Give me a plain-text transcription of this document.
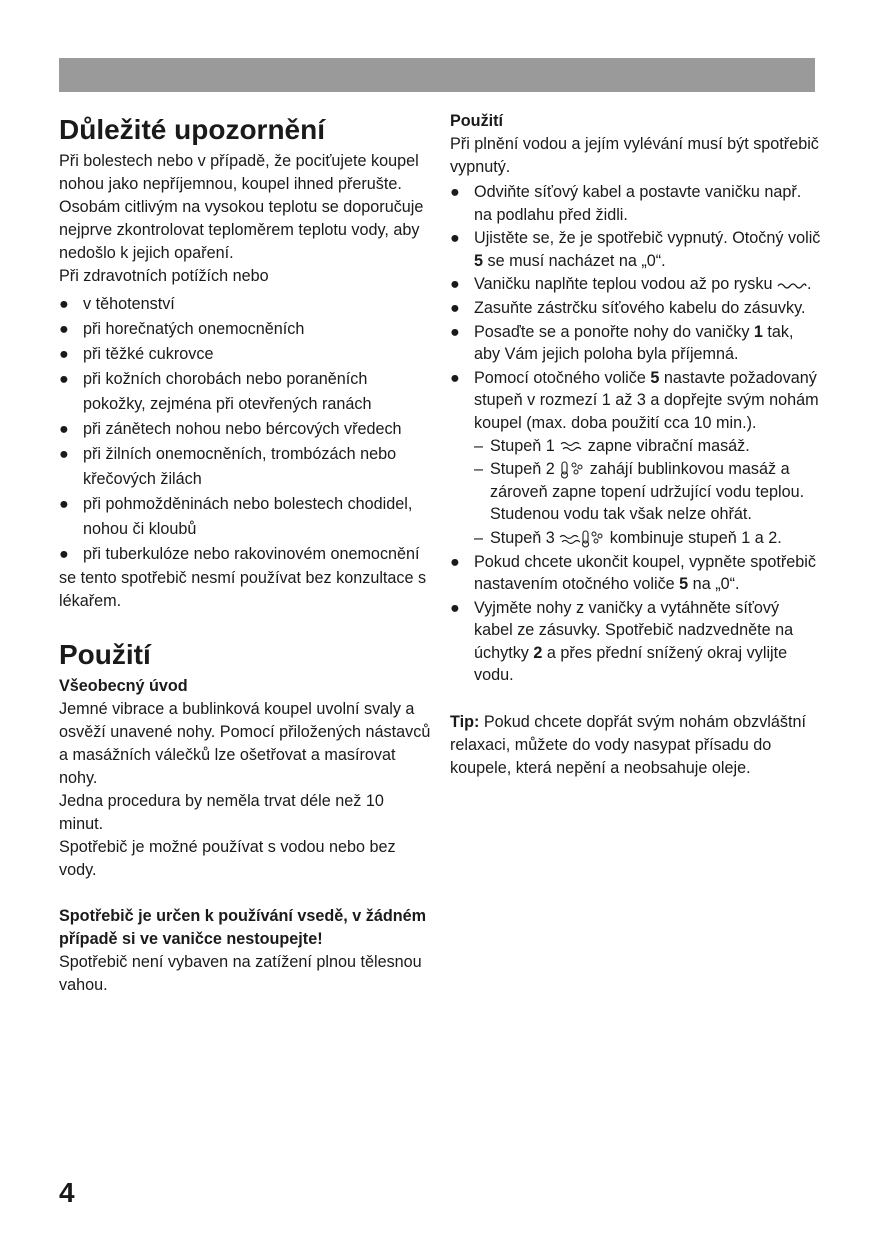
Důležité upozornění

Při bolestech nebo v případě, že pociťujete koupel nohou jako nepříjemnou, koupel ihned přerušte.

Osobám citlivým na vysokou teplotu se doporučuje nejprve zkontrolovat teploměrem teplotu vody, aby nedošlo k jejich opaření.

Při zdravotních potížích nebo

● v těhotenství
● při horečnatých onemocněních
● při těžké cukrovce
● při kožních chorobách nebo poraněních pokožky, zejména při otevřených ranách
● při zánětech nohou nebo bércových vředech
● při žilních onemocněních, trombózách nebo křečových žilách
● při pohmožděninách nebo bolestech chodidel, nohou či kloubů
● při tuberkulóze nebo rakovinovém onemocnění

se tento spotřebič nesmí používat bez konzultace s lékařem.

Použití

Všeobecný úvod

Jemné vibrace a bublinková koupel uvolní svaly a osvěží unavené nohy. Pomocí přiložených nástavců a masážních válečků lze ošetřovat a masírovat nohy.

Jedna procedura by neměla trvat déle než 10 minut.

Spotřebič je možné používat s vodou nebo bez vody.

Spotřebič je určen k používání vsedě, v žádném případě si ve vaničce nestoupejte!

Spotřebič není vybaven na zatížení plnou tělesnou vahou.

Použití

Při plnění vodou a jejím vylévání musí být spotřebič vypnutý.

● Odviňte síťový kabel a postavte vaničku např. na podlahu před židli.
● Ujistěte se, že je spotřebič vypnutý. Otočný volič 5 se musí nacházet na „0“.
● Vaničku naplňte teplou vodou až po rysku .
● Zasuňte zástrčku síťového kabelu do zásuvky.
● Posaďte se a ponořte nohy do vaničky 1 tak, aby Vám jejich poloha byla příjemná.
● Pomocí otočného voliče 5 nastavte požadovaný stupeň v rozmezí 1 až 3 a dopřejte svým nohám koupel (max. doba použití cca 10 min.).
– Stupeň 1  zapne vibrační masáž.
– Stupeň 2  zahájí bublinkovou masáž a zároveň zapne topení udržující vodu teplou. Studenou vodu tak však nelze ohřát.
– Stupeň 3	kombinuje stupeň 1 a 2.
● Pokud chcete ukončit koupel, vypněte spotřebič nastavením otočného voliče 5 na „0“.
● Vyjměte nohy z vaničky a vytáhněte síťový kabel ze zásuvky. Spotřebič nadzvedněte na úchytky 2 a přes přední snížený okraj vylijte vodu.

Tip: Pokud chcete dopřát svým nohám obzvláštní relaxaci, můžete do vody nasypat přísadu do koupele, která nepění a neobsahuje oleje.

4
